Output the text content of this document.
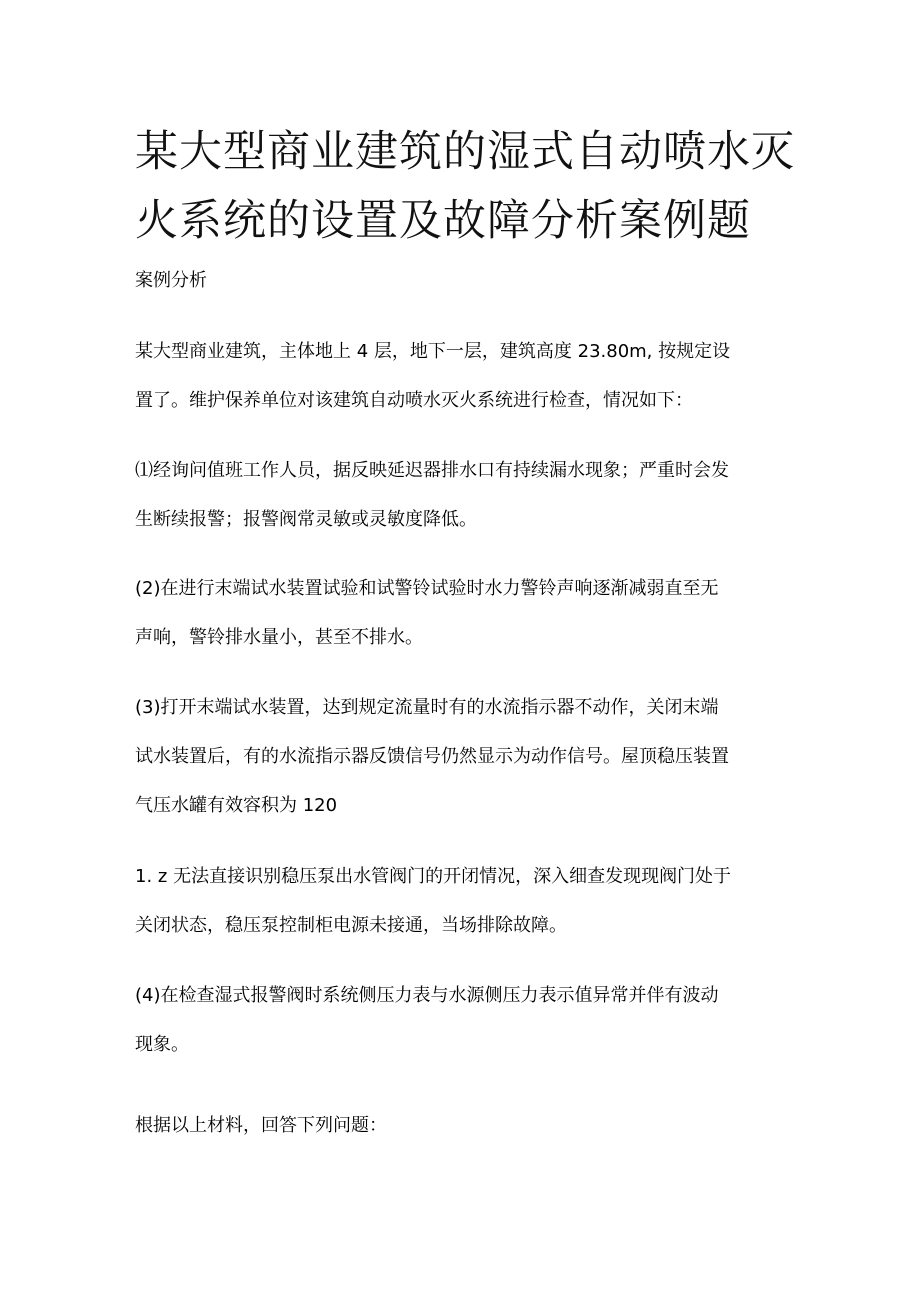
某大型商业建筑的湿式自动喷水灭
火系统的设置及故障分析案例题

案例分析

某大型商业建筑，主体地上 4 层，地下一层，建筑高度 23.80m, 按规定设
置了。维护保养单位对该建筑自动喷水灭火系统进行检查，情况如下：
⑴经询问值班工作人员，据反映延迟器排水口有持续漏水现象；严重时会发
生断续报警；报警阀常灵敏或灵敏度降低。
(2)在进行末端试水装置试验和试警铃试验时水力警铃声响逐渐减弱直至无
声响，警铃排水量小，甚至不排水。
(3)打开末端试水装置，达到规定流量时有的水流指示器不动作，关闭末端
试水装置后，有的水流指示器反馈信号仍然显示为动作信号。屋顶稳压装置
气压水罐有效容积为 120
1. z 无法直接识别稳压泵出水管阀门的开闭情况，深入细查发现现阀门处于
关闭状态，稳压泵控制柜电源未接通，当场排除故障。
(4)在检查湿式报警阀时系统侧压力表与水源侧压力表示值异常并伴有波动
现象。
根据以上材料，回答下列问题：
